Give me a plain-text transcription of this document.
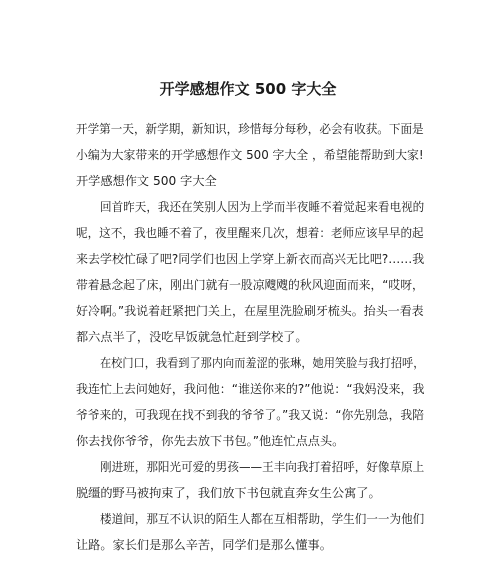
开学感想作文 500 字大全
开学第一天，新学期，新知识，珍惜每分每秒，必会有收获。下面是
小编为大家带来的开学感想作文 500 字大全 ，希望能帮助到大家!
开学感想作文 500 字大全
回首昨天，我还在笑别人因为上学而半夜睡不着觉起来看电视的
呢，这不，我也睡不着了，夜里醒来几次，想着：老师应该早早的起
来去学校忙碌了吧?同学们也因上学穿上新衣而高兴无比吧?……我
带着悬念起了床，刚出门就有一股凉飕飕的秋风迎面而来，“哎呀，
好冷啊。”我说着赶紧把门关上，在屋里洗脸刷牙梳头。抬头一看表
都六点半了，没吃早饭就急忙赶到学校了。
在校门口，我看到了那内向而羞涩的张琳，她用笑脸与我打招呼，
我连忙上去问她好，我问他：“谁送你来的?”他说：“我妈没来，我
爷爷来的，可我现在找不到我的爷爷了。”我又说：“你先别急，我陪
你去找你爷爷，你先去放下书包。”他连忙点点头。
刚进班，那阳光可爱的男孩——王丰向我打着招呼，好像草原上
脱缰的野马被拘束了，我们放下书包就直奔女生公寓了。
楼道间，那互不认识的陌生人都在互相帮助，学生们一一为他们
让路。家长们是那么辛苦，同学们是那么懂事。
